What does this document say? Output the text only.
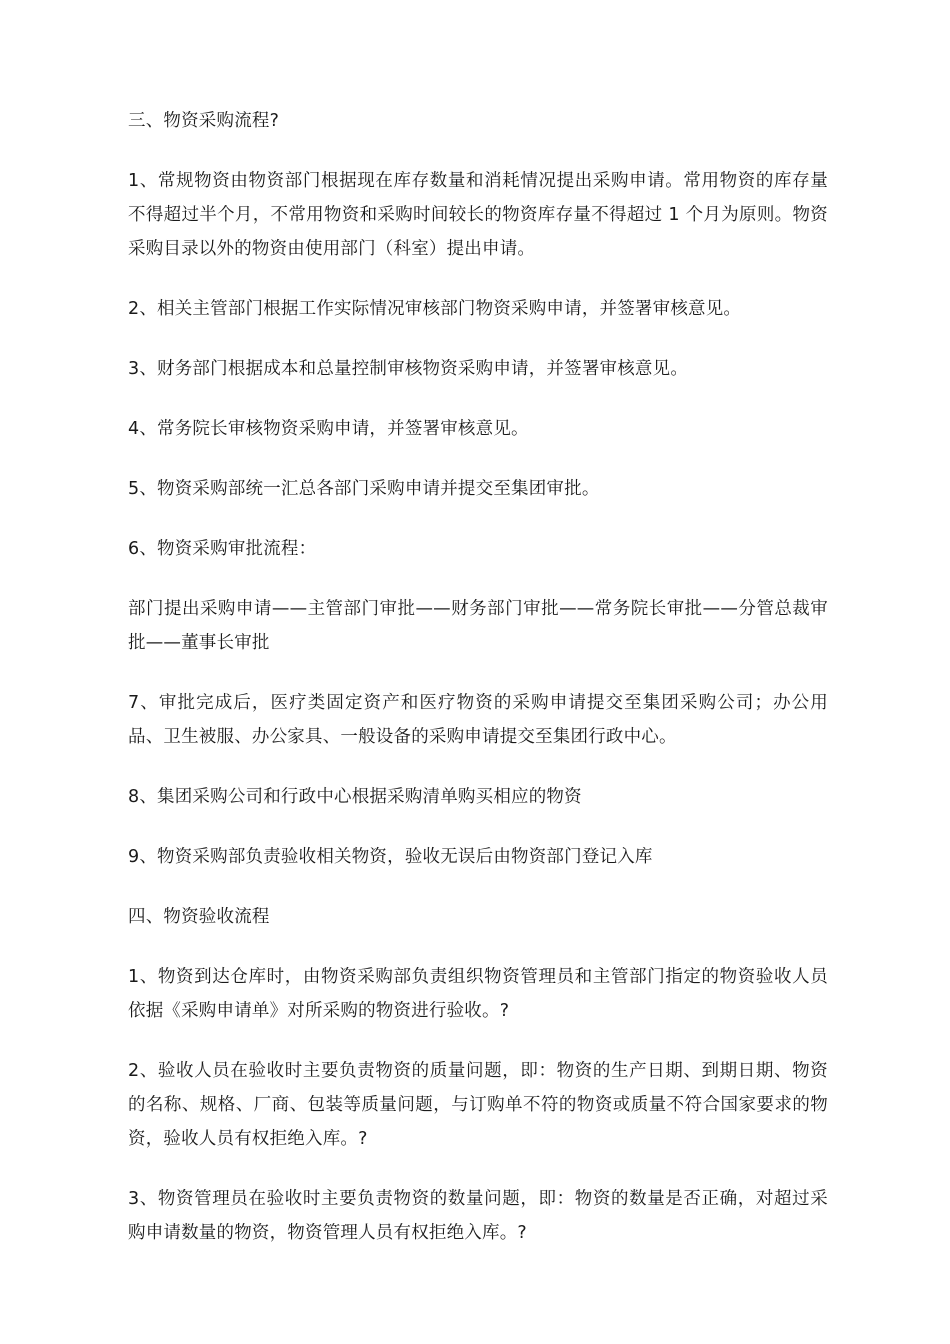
三、物资采购流程?

1、常规物资由物资部门根据现在库存数量和消耗情况提出采购申请。常用物资的库存量不得超过半个月，不常用物资和采购时间较长的物资库存量不得超过 1 个月为原则。物资采购目录以外的物资由使用部门（科室）提出申请。

2、相关主管部门根据工作实际情况审核部门物资采购申请，并签署审核意见。

3、财务部门根据成本和总量控制审核物资采购申请，并签署审核意见。

4、常务院长审核物资采购申请，并签署审核意见。

5、物资采购部统一汇总各部门采购申请并提交至集团审批。

6、物资采购审批流程：

部门提出采购申请——主管部门审批——财务部门审批——常务院长审批——分管总裁审批——董事长审批

7、审批完成后，医疗类固定资产和医疗物资的采购申请提交至集团采购公司；办公用品、卫生被服、办公家具、一般设备的采购申请提交至集团行政中心。

8、集团采购公司和行政中心根据采购清单购买相应的物资

9、物资采购部负责验收相关物资，验收无误后由物资部门登记入库

四、物资验收流程

1、物资到达仓库时，由物资采购部负责组织物资管理员和主管部门指定的物资验收人员依据《采购申请单》对所采购的物资进行验收。?

2、验收人员在验收时主要负责物资的质量问题，即：物资的生产日期、到期日期、物资的名称、规格、厂商、包装等质量问题，与订购单不符的物资或质量不符合国家要求的物资，验收人员有权拒绝入库。?

3、物资管理员在验收时主要负责物资的数量问题，即：物资的数量是否正确，对超过采购申请数量的物资，物资管理人员有权拒绝入库。?
